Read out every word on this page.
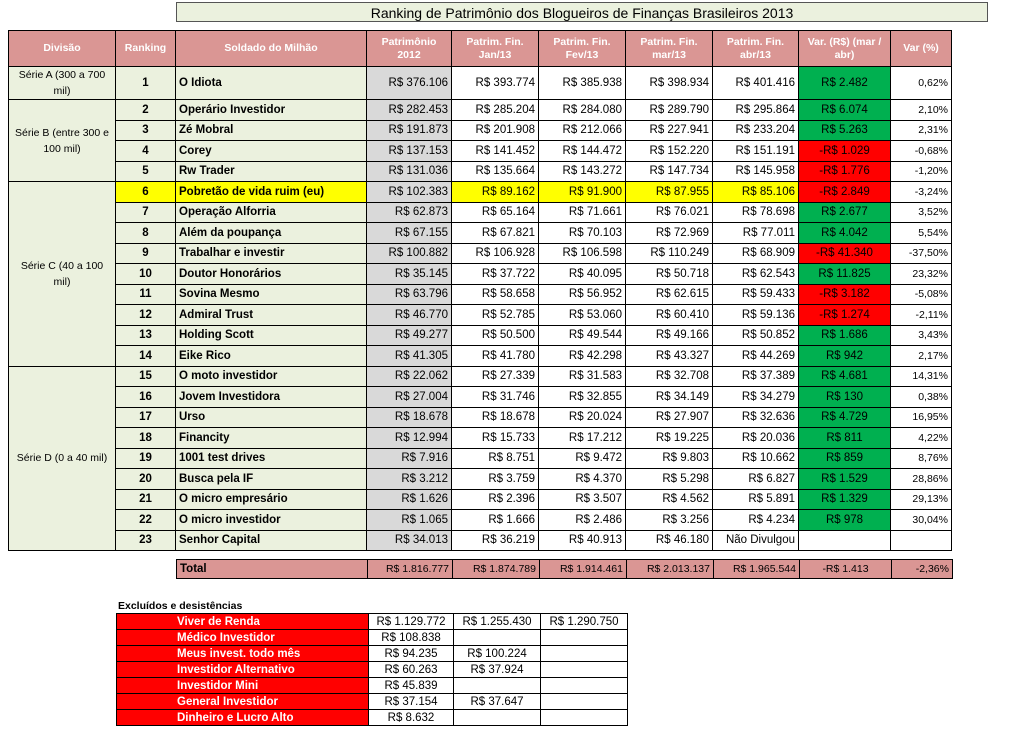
Ranking de Patrimônio dos Blogueiros de Finanças Brasileiros 2013
Divisão	Ranking	Soldado do Milhão	Patrimônio 2012	Patrim. Fin. Jan/13	Patrim. Fin. Fev/13	Patrim. Fin. mar/13	Patrim. Fin. abr/13	Var. (R$) (mar / abr)	Var (%)
Série A (300 a 700 mil)	1	O Idiota	R$ 376.106	R$ 393.774	R$ 385.938	R$ 398.934	R$ 401.416	R$ 2.482	0,62%
Série B (entre 300 e 100 mil)	2	Operário Investidor	R$ 282.453	R$ 285.204	R$ 284.080	R$ 289.790	R$ 295.864	R$ 6.074	2,10%
	3	Zé Mobral	R$ 191.873	R$ 201.908	R$ 212.066	R$ 227.941	R$ 233.204	R$ 5.263	2,31%
	4	Corey	R$ 137.153	R$ 141.452	R$ 144.472	R$ 152.220	R$ 151.191	-R$ 1.029	-0,68%
	5	Rw Trader	R$ 131.036	R$ 135.664	R$ 143.272	R$ 147.734	R$ 145.958	-R$ 1.776	-1,20%
Série C (40 a 100 mil)	6	Pobretão de vida ruim (eu)	R$ 102.383	R$ 89.162	R$ 91.900	R$ 87.955	R$ 85.106	-R$ 2.849	-3,24%
	7	Operação Alforria	R$ 62.873	R$ 65.164	R$ 71.661	R$ 76.021	R$ 78.698	R$ 2.677	3,52%
	8	Além da poupança	R$ 67.155	R$ 67.821	R$ 70.103	R$ 72.969	R$ 77.011	R$ 4.042	5,54%
	9	Trabalhar e investir	R$ 100.882	R$ 106.928	R$ 106.598	R$ 110.249	R$ 68.909	-R$ 41.340	-37,50%
	10	Doutor Honorários	R$ 35.145	R$ 37.722	R$ 40.095	R$ 50.718	R$ 62.543	R$ 11.825	23,32%
	11	Sovina Mesmo	R$ 63.796	R$ 58.658	R$ 56.952	R$ 62.615	R$ 59.433	-R$ 3.182	-5,08%
	12	Admiral Trust	R$ 46.770	R$ 52.785	R$ 53.060	R$ 60.410	R$ 59.136	-R$ 1.274	-2,11%
	13	Holding Scott	R$ 49.277	R$ 50.500	R$ 49.544	R$ 49.166	R$ 50.852	R$ 1.686	3,43%
	14	Eike Rico	R$ 41.305	R$ 41.780	R$ 42.298	R$ 43.327	R$ 44.269	R$ 942	2,17%
Série D (0 a 40 mil)	15	O moto investidor	R$ 22.062	R$ 27.339	R$ 31.583	R$ 32.708	R$ 37.389	R$ 4.681	14,31%
	16	Jovem Investidora	R$ 27.004	R$ 31.746	R$ 32.855	R$ 34.149	R$ 34.279	R$ 130	0,38%
	17	Urso	R$ 18.678	R$ 18.678	R$ 20.024	R$ 27.907	R$ 32.636	R$ 4.729	16,95%
	18	Financity	R$ 12.994	R$ 15.733	R$ 17.212	R$ 19.225	R$ 20.036	R$ 811	4,22%
	19	1001 test drives	R$ 7.916	R$ 8.751	R$ 9.472	R$ 9.803	R$ 10.662	R$ 859	8,76%
	20	Busca pela IF	R$ 3.212	R$ 3.759	R$ 4.370	R$ 5.298	R$ 6.827	R$ 1.529	28,86%
	21	O micro empresário	R$ 1.626	R$ 2.396	R$ 3.507	R$ 4.562	R$ 5.891	R$ 1.329	29,13%
	22	O micro investidor	R$ 1.065	R$ 1.666	R$ 2.486	R$ 3.256	R$ 4.234	R$ 978	30,04%
	23	Senhor Capital	R$ 34.013	R$ 36.219	R$ 40.913	R$ 46.180	Não Divulgou		
Total	R$ 1.816.777	R$ 1.874.789	R$ 1.914.461	R$ 2.013.137	R$ 1.965.544	-R$ 1.413	-2,36%
Excluídos e desistências
Viver de Renda	R$ 1.129.772	R$ 1.255.430	R$ 1.290.750
Médico Investidor	R$ 108.838		
Meus invest. todo mês	R$ 94.235	R$ 100.224	
Investidor Alternativo	R$ 60.263	R$ 37.924	
Investidor Mini	R$ 45.839		
General Investidor	R$ 37.154	R$ 37.647	
Dinheiro e Lucro Alto	R$ 8.632		
